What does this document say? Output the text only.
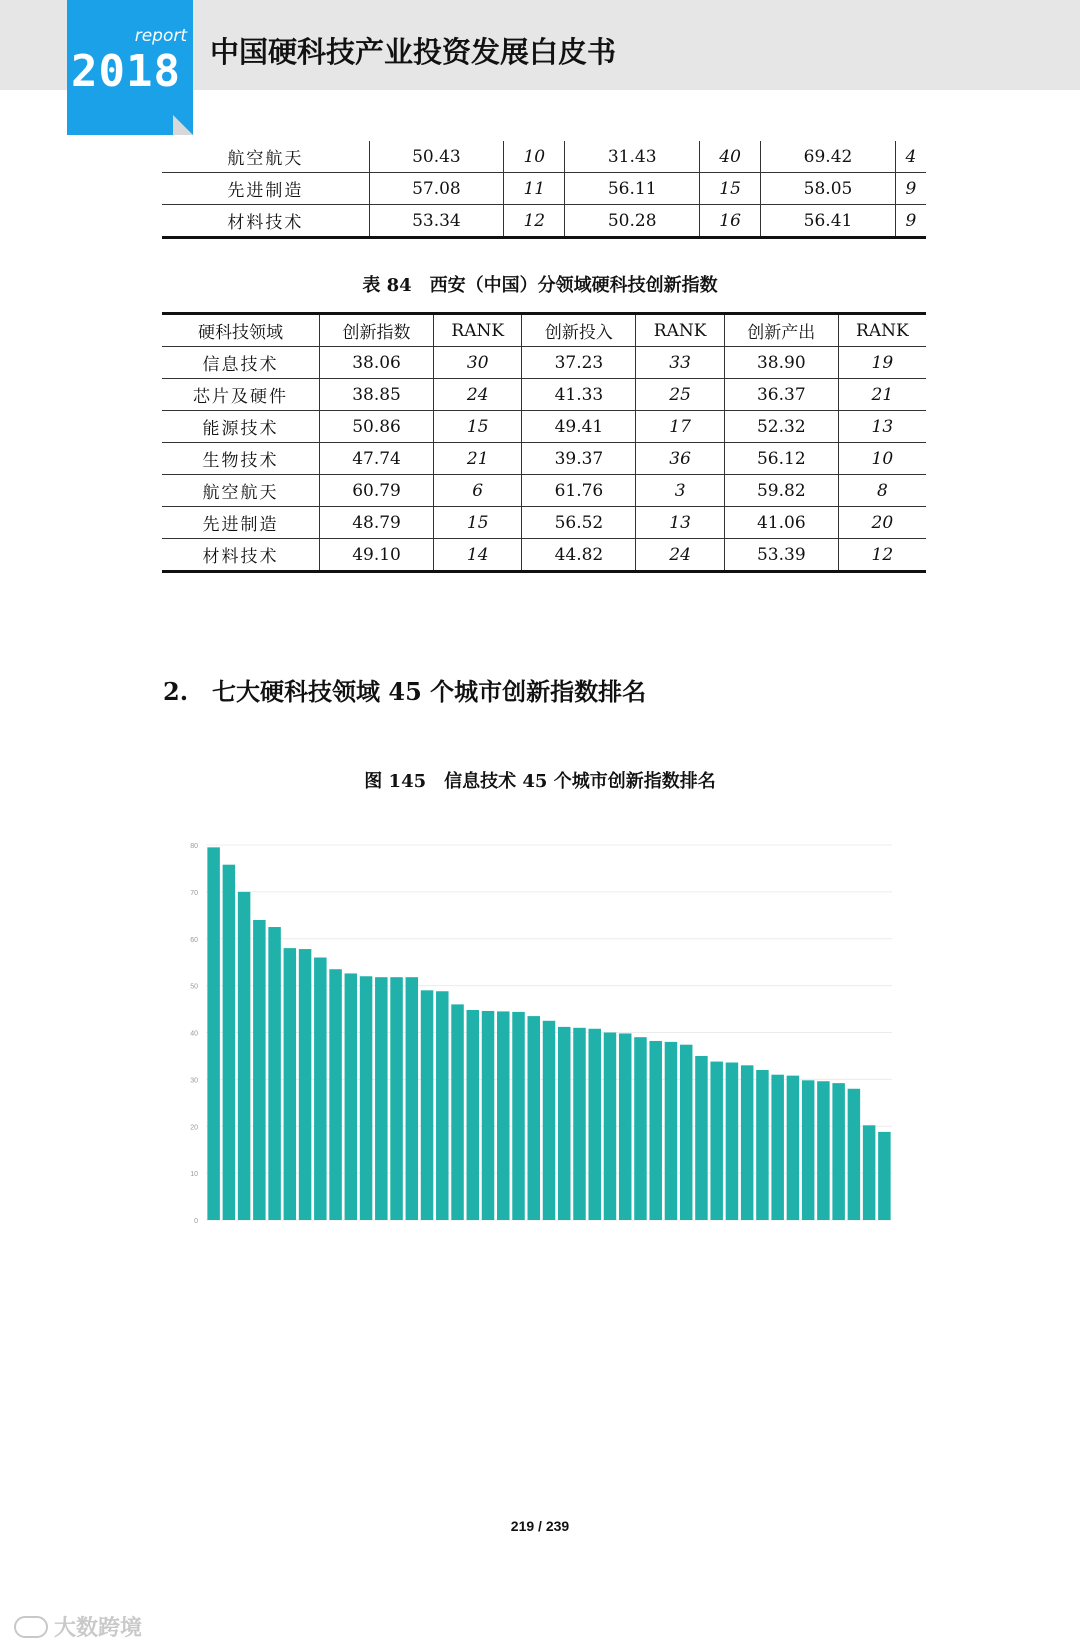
report
2018 中国硬科技产业投资发展白皮书
航空航天	50.43	10	31.43	40	69.42	4
先进制造	57.08	11	56.11	15	58.05	9
材料技术	53.34	12	50.28	16	56.41	9
表 84　西安（中国）分领域硬科技创新指数
硬科技领域	创新指数	RANK	创新投入	RANK	创新产出	RANK
信息技术	38.06	30	37.23	33	38.90	19
芯片及硬件	38.85	24	41.33	25	36.37	21
能源技术	50.86	15	49.41	17	52.32	13
生物技术	47.74	21	39.37	36	56.12	10
航空航天	60.79	6	61.76	3	59.82	8
先进制造	48.79	15	56.52	13	41.06	20
材料技术	49.10	14	44.82	24	53.39	12
2.　七大硬科技领域 45 个城市创新指数排名
图 145　信息技术 45 个城市创新指数排名
0
10
20
30
40
50
60
70
80
219 / 239
大数跨境
